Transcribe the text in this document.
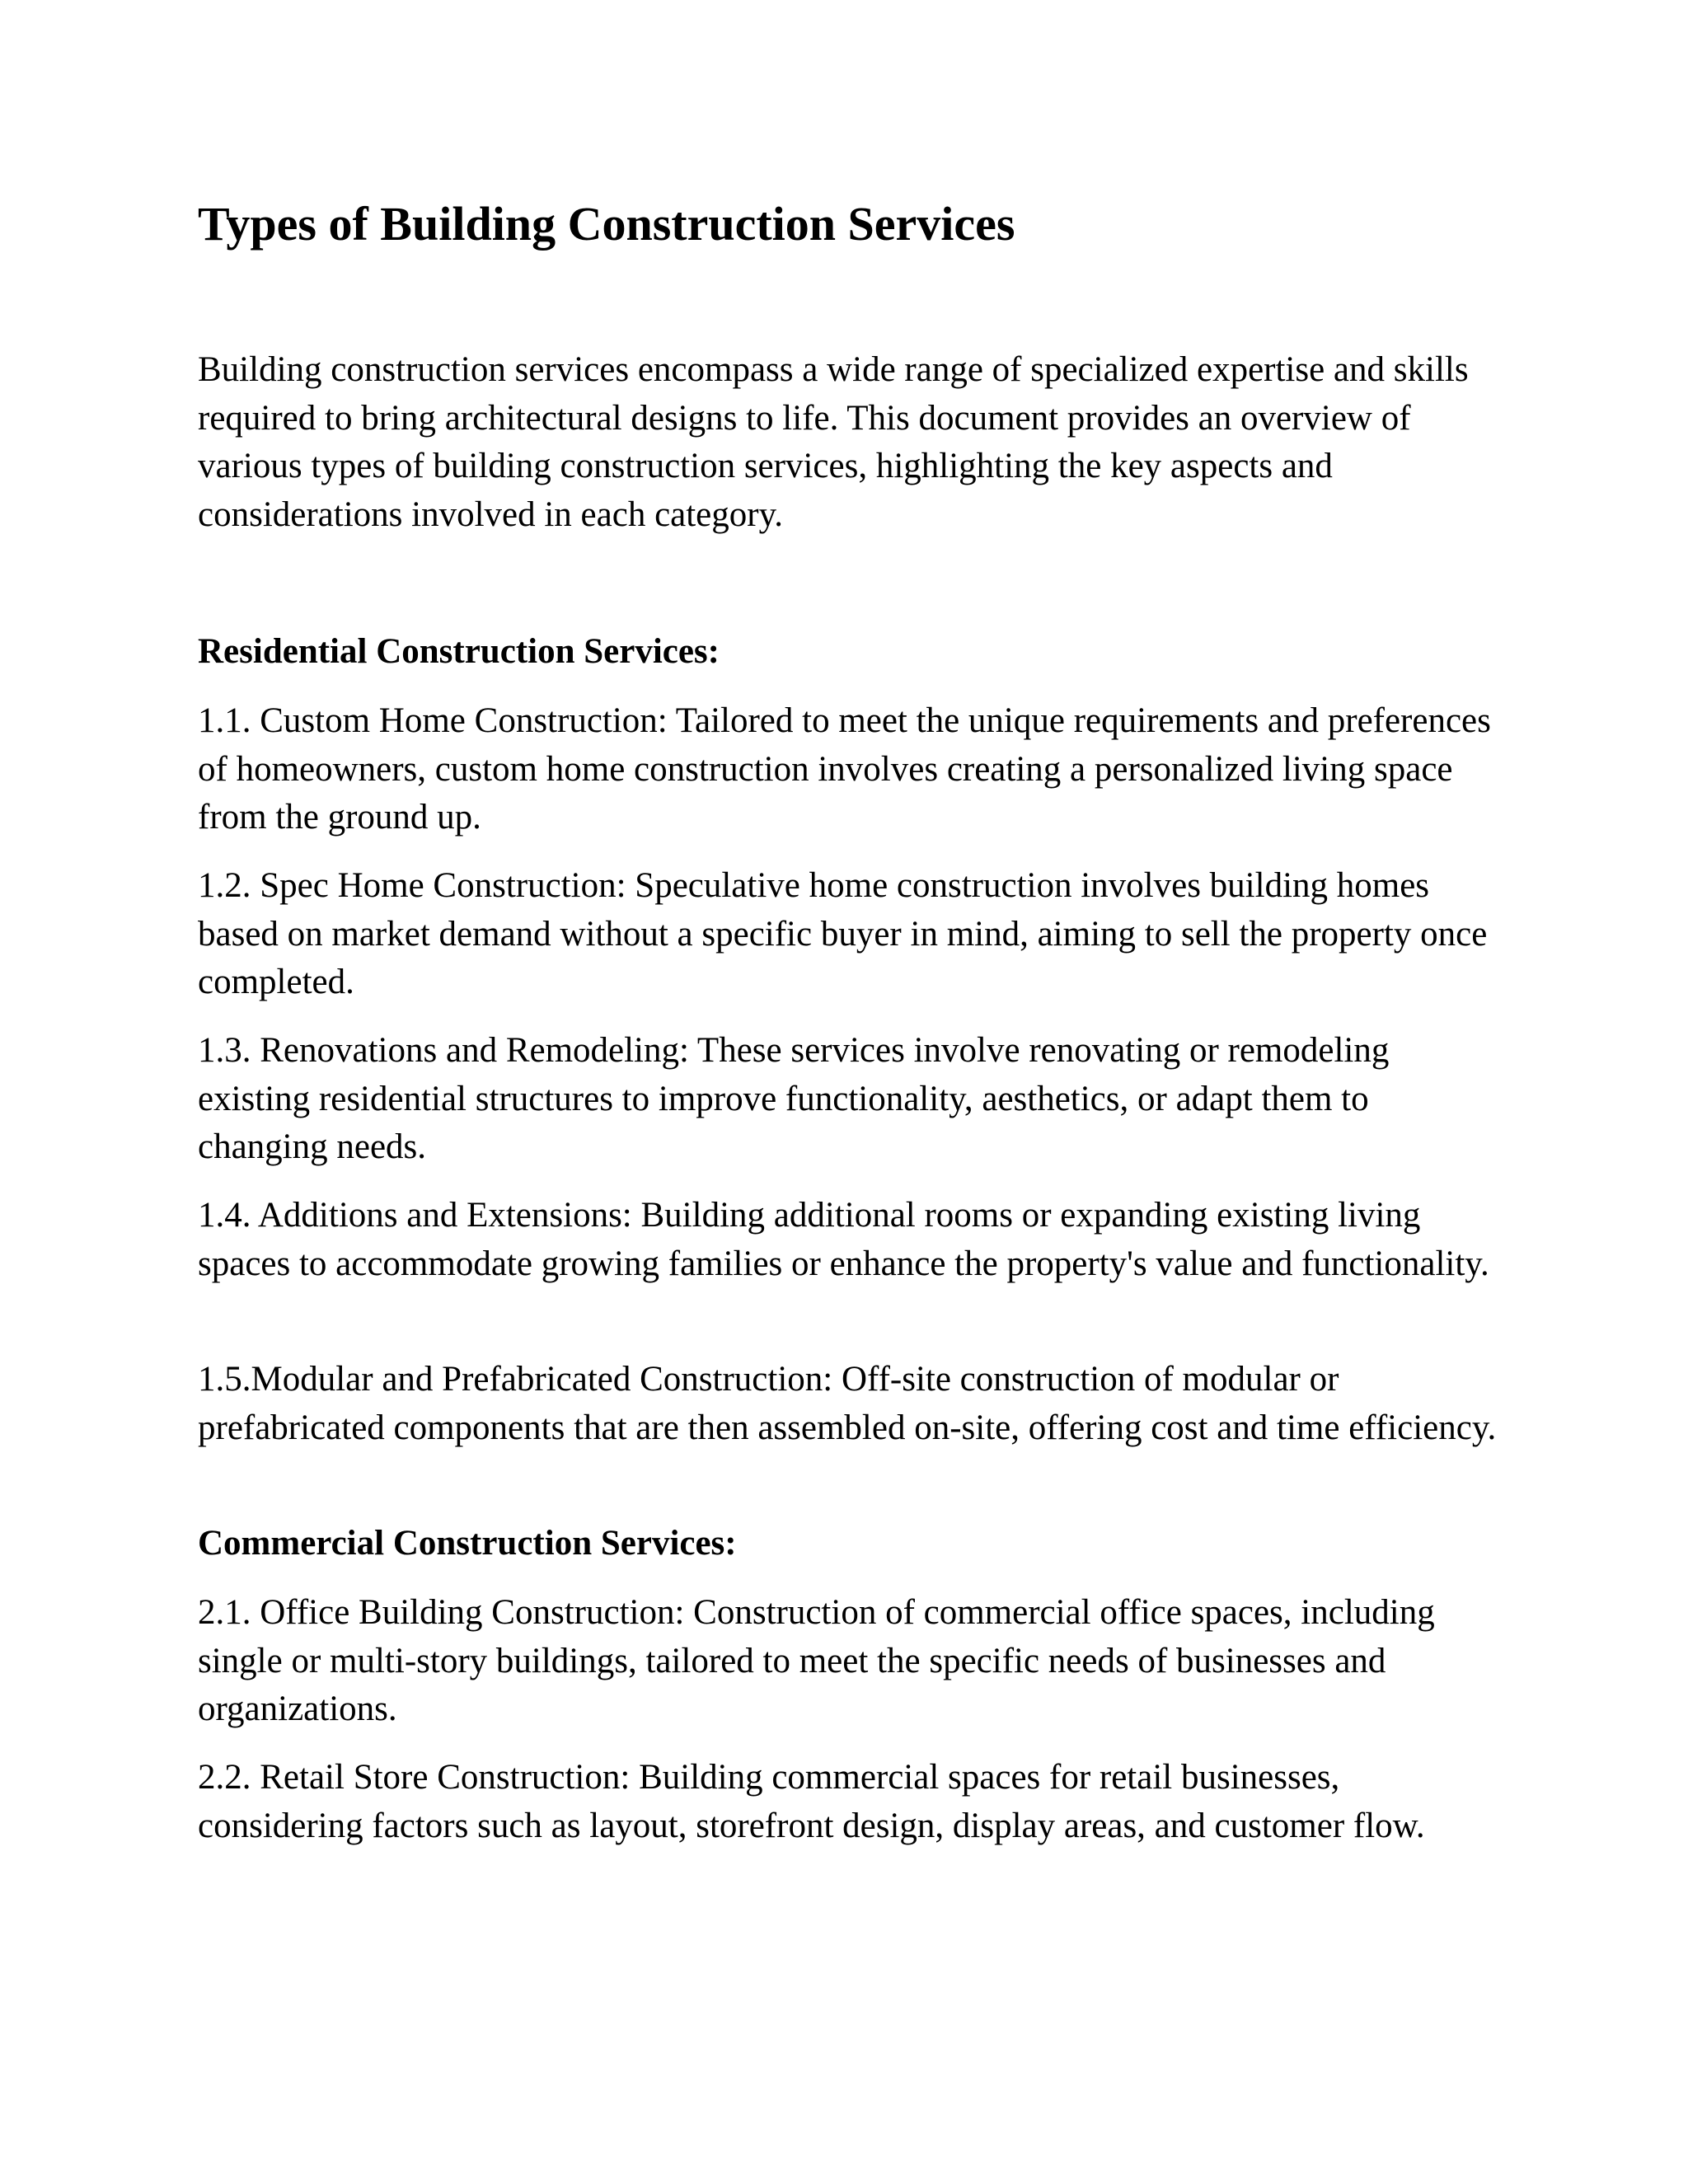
Types of Building Construction Services

Building construction services encompass a wide range of specialized expertise and skills required to bring architectural designs to life. This document provides an overview of various types of building construction services, highlighting the key aspects and considerations involved in each category.

Residential Construction Services:

1.1. Custom Home Construction: Tailored to meet the unique requirements and preferences of homeowners, custom home construction involves creating a personalized living space from the ground up.

1.2. Spec Home Construction: Speculative home construction involves building homes based on market demand without a specific buyer in mind, aiming to sell the property once completed.

1.3. Renovations and Remodeling: These services involve renovating or remodeling existing residential structures to improve functionality, aesthetics, or adapt them to changing needs.

1.4. Additions and Extensions: Building additional rooms or expanding existing living spaces to accommodate growing families or enhance the property's value and functionality.

1.5.Modular and Prefabricated Construction: Off-site construction of modular or prefabricated components that are then assembled on-site, offering cost and time efficiency.

Commercial Construction Services:

2.1. Office Building Construction: Construction of commercial office spaces, including single or multi-story buildings, tailored to meet the specific needs of businesses and organizations.

2.2. Retail Store Construction: Building commercial spaces for retail businesses, considering factors such as layout, storefront design, display areas, and customer flow.
